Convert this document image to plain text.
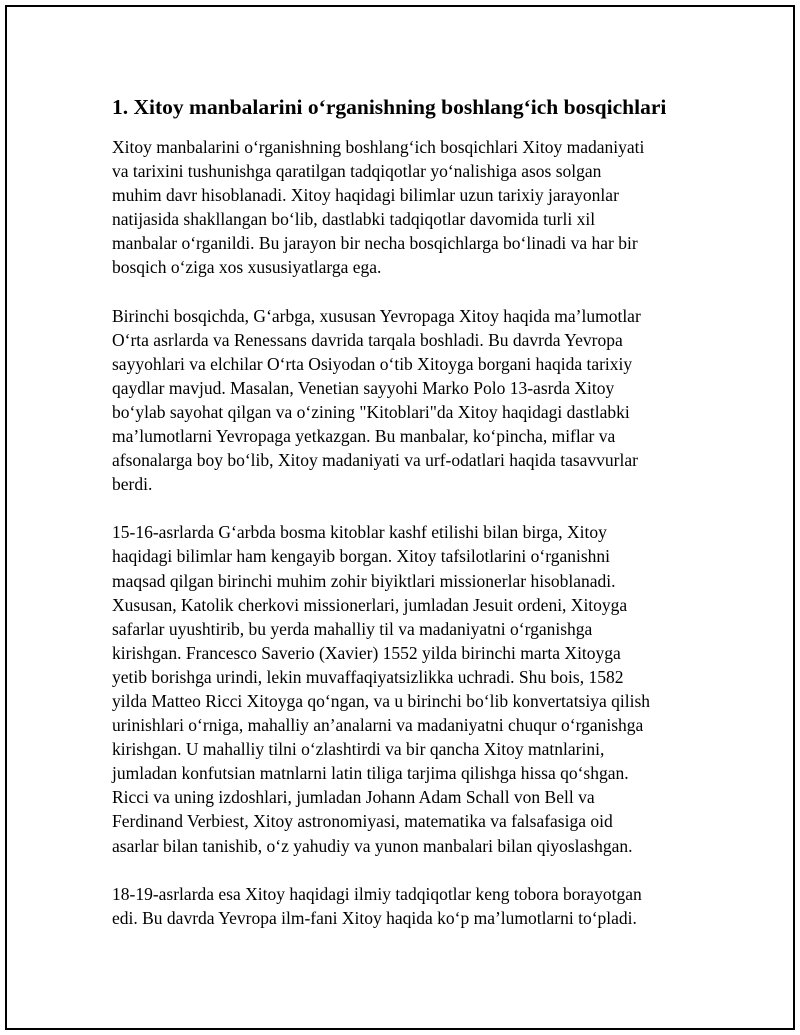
1. Xitoy manbalarini o‘rganishning boshlang‘ich bosqichlari

Xitoy manbalarini o‘rganishning boshlang‘ich bosqichlari Xitoy madaniyati
va tarixini tushunishga qaratilgan tadqiqotlar yo‘nalishiga asos solgan
muhim davr hisoblanadi. Xitoy haqidagi bilimlar uzun tarixiy jarayonlar
natijasida shakllangan bo‘lib, dastlabki tadqiqotlar davomida turli xil
manbalar o‘rganildi. Bu jarayon bir necha bosqichlarga bo‘linadi va har bir
bosqich o‘ziga xos xususiyatlarga ega.

Birinchi bosqichda, G‘arbga, xususan Yevropaga Xitoy haqida ma’lumotlar
O‘rta asrlarda va Renessans davrida tarqala boshladi. Bu davrda Yevropa
sayyohlari va elchilar O‘rta Osiyodan o‘tib Xitoyga borgani haqida tarixiy
qaydlar mavjud. Masalan, Venetian sayyohi Marko Polo 13-asrda Xitoy
bo‘ylab sayohat qilgan va o‘zining "Kitoblari"da Xitoy haqidagi dastlabki
ma’lumotlarni Yevropaga yetkazgan. Bu manbalar, ko‘pincha, miflar va
afsonalarga boy bo‘lib, Xitoy madaniyati va urf-odatlari haqida tasavvurlar
berdi.

15-16-asrlarda G‘arbda bosma kitoblar kashf etilishi bilan birga, Xitoy
haqidagi bilimlar ham kengayib borgan. Xitoy tafsilotlarini o‘rganishni
maqsad qilgan birinchi muhim zohir biyiktlari missionerlar hisoblanadi.
Xususan, Katolik cherkovi missionerlari, jumladan Jesuit ordeni, Xitoyga
safarlar uyushtirib, bu yerda mahalliy til va madaniyatni o‘rganishga
kirishgan. Francesco Saverio (Xavier) 1552 yilda birinchi marta Xitoyga
yetib borishga urindi, lekin muvaffaqiyatsizlikka uchradi. Shu bois, 1582
yilda Matteo Ricci Xitoyga qo‘ngan, va u birinchi bo‘lib konvertatsiya qilish
urinishlari o‘rniga, mahalliy an’analarni va madaniyatni chuqur o‘rganishga
kirishgan. U mahalliy tilni o‘zlashtirdi va bir qancha Xitoy matnlarini,
jumladan konfutsian matnlarni latin tiliga tarjima qilishga hissa qo‘shgan.
Ricci va uning izdoshlari, jumladan Johann Adam Schall von Bell va
Ferdinand Verbiest, Xitoy astronomiyasi, matematika va falsafasiga oid
asarlar bilan tanishib, o‘z yahudiy va yunon manbalari bilan qiyoslashgan.

18-19-asrlarda esa Xitoy haqidagi ilmiy tadqiqotlar keng tobora borayotgan
edi. Bu davrda Yevropa ilm-fani Xitoy haqida ko‘p ma’lumotlarni to‘pladi.
